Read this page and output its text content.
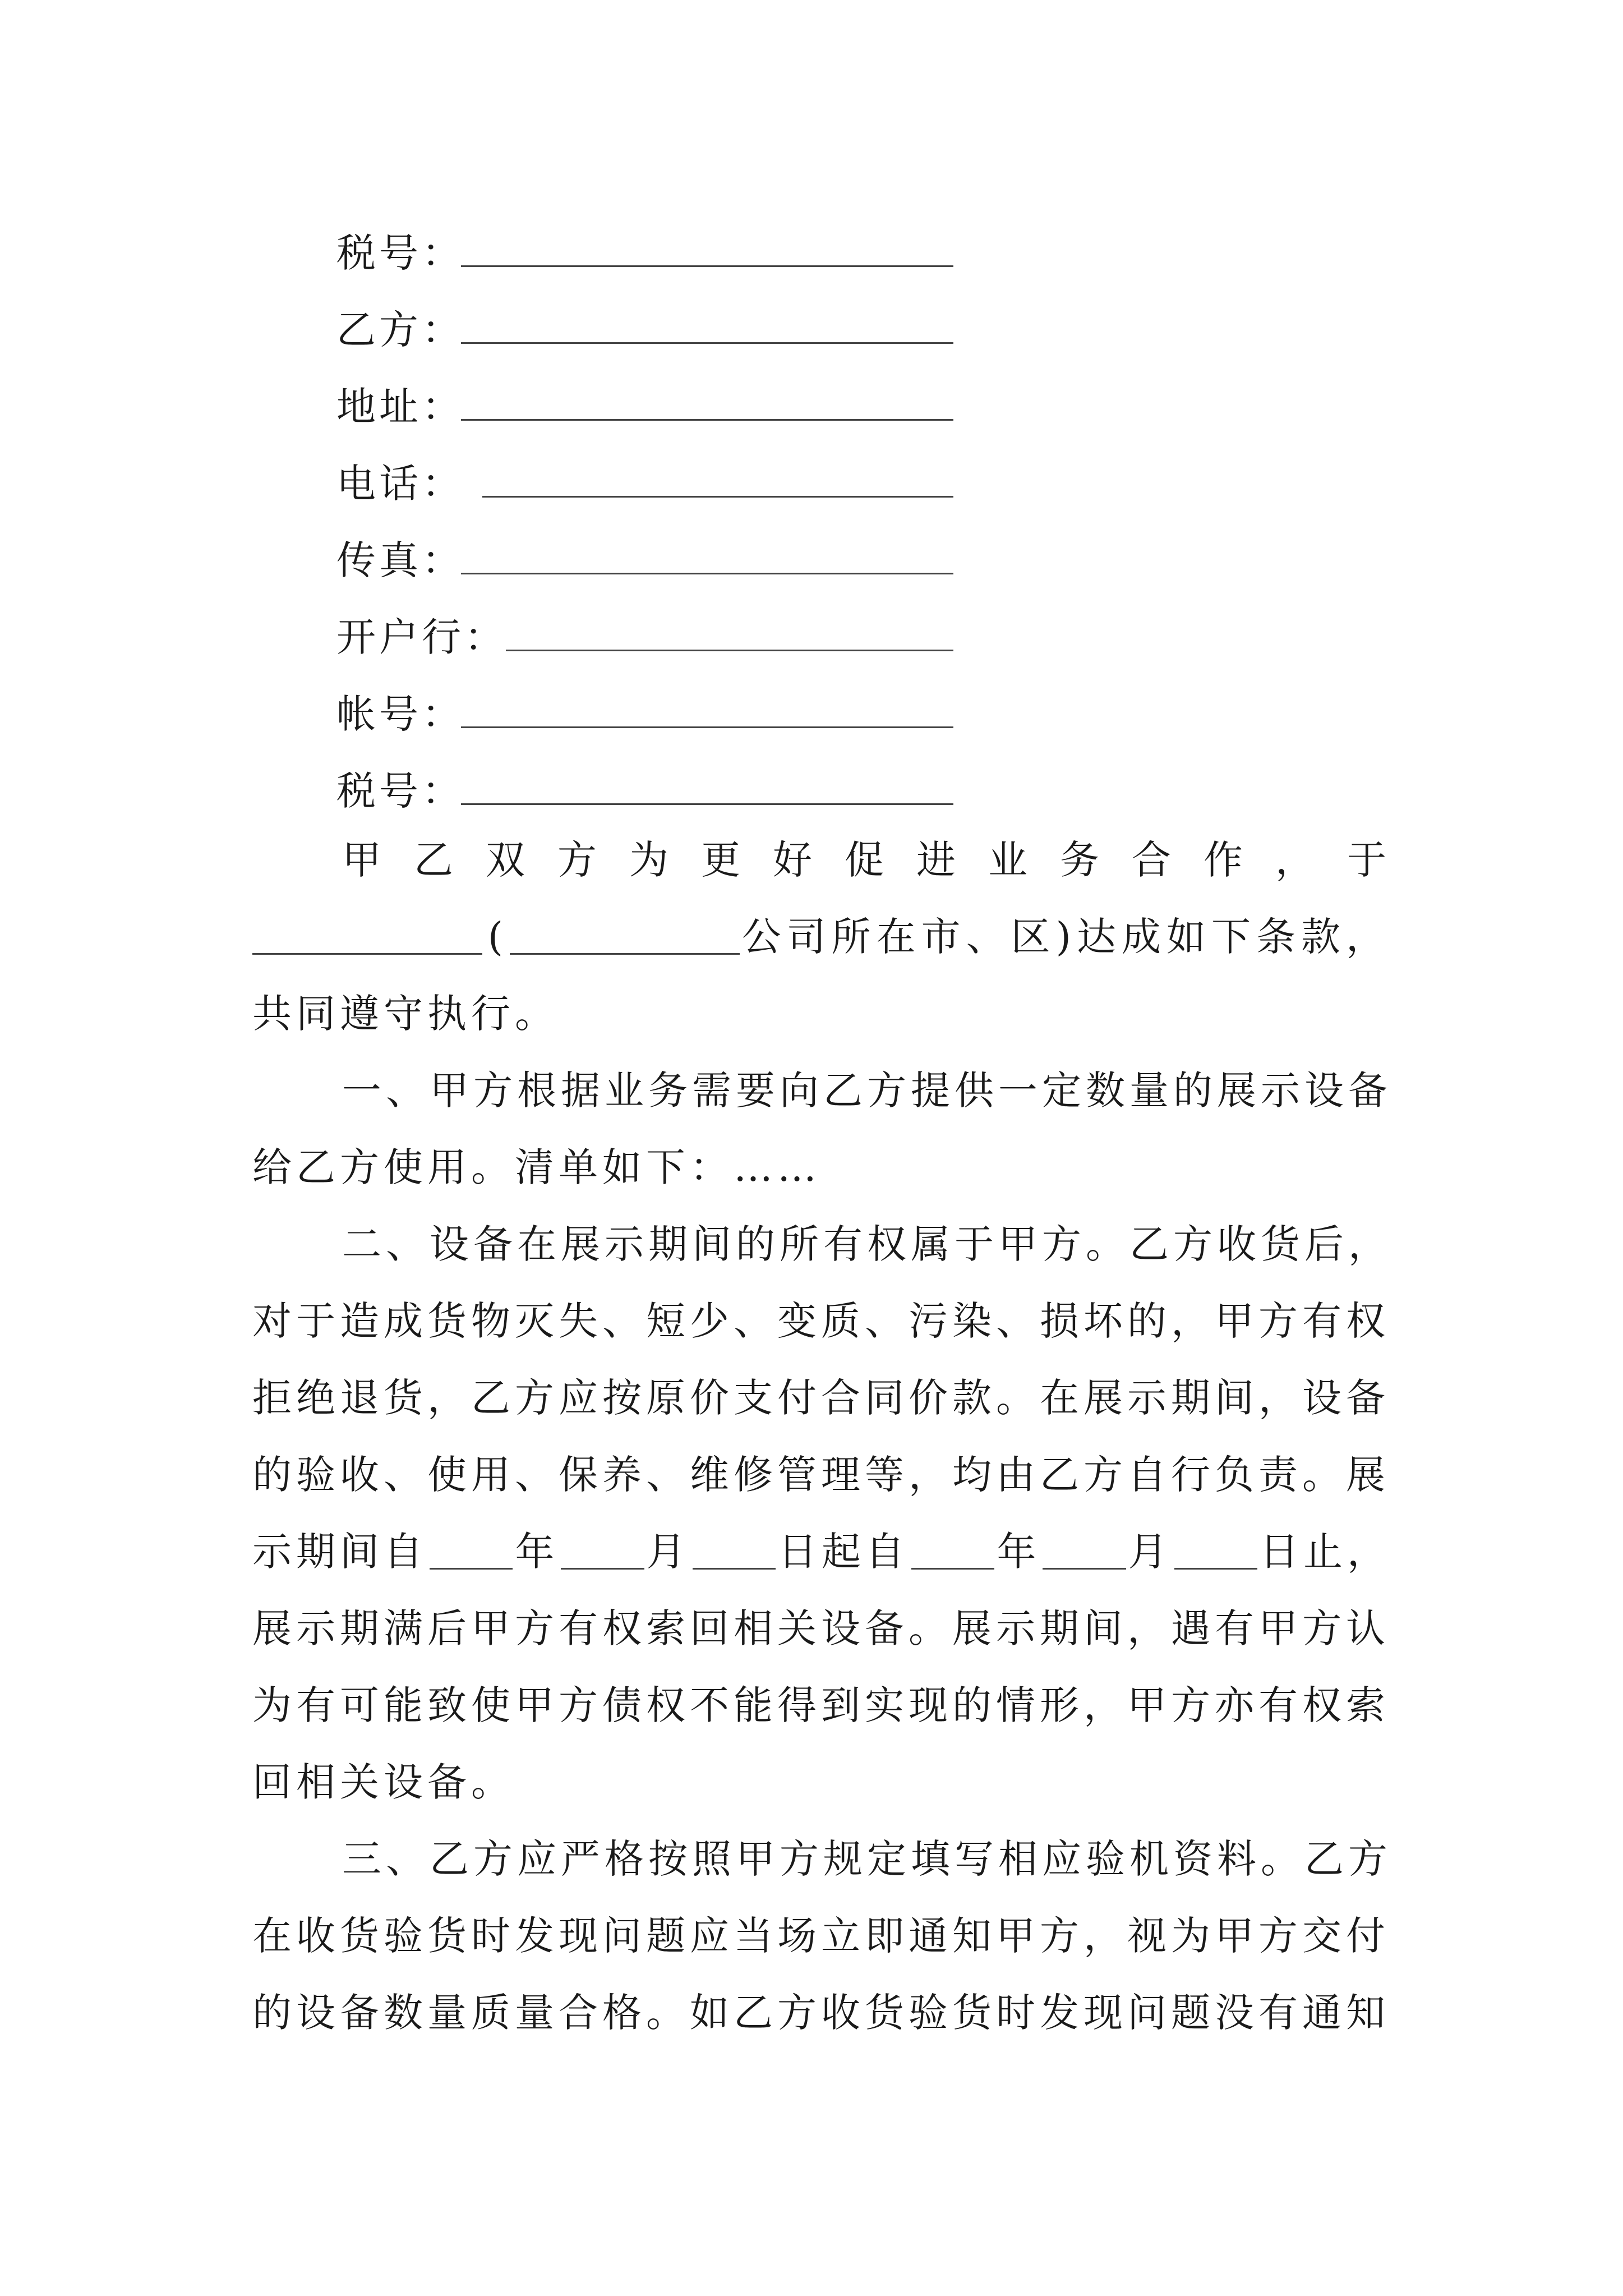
税号：
乙方：
地址：
电话：
传真：
开户行：
帐号：
税号：
甲 乙 双 方 为 更 好 促 进 业 务 合 作 ， 于
(	公司所在市、区)达成如下条款，
共同遵守执行。
一、甲方根据业务需要向乙方提供一定数量的展示设备
给乙方使用。清单如下：……
二、设备在展示期间的所有权属于甲方。乙方收货后，
对于造成货物灭失、短少、变质、污染、损坏的，甲方有权
拒绝退货，乙方应按原价支付合同价款。在展示期间，设备
的验收、使用、保养、维修管理等，均由乙方自行负责。展
示期间自 年 月 日起自 年 月 日止，
展示期满后甲方有权索回相关设备。展示期间，遇有甲方认
为有可能致使甲方债权不能得到实现的情形，甲方亦有权索
回相关设备。
三、乙方应严格按照甲方规定填写相应验机资料。乙方
在收货验货时发现问题应当场立即通知甲方，视为甲方交付
的设备数量质量合格。如乙方收货验货时发现问题没有通知
